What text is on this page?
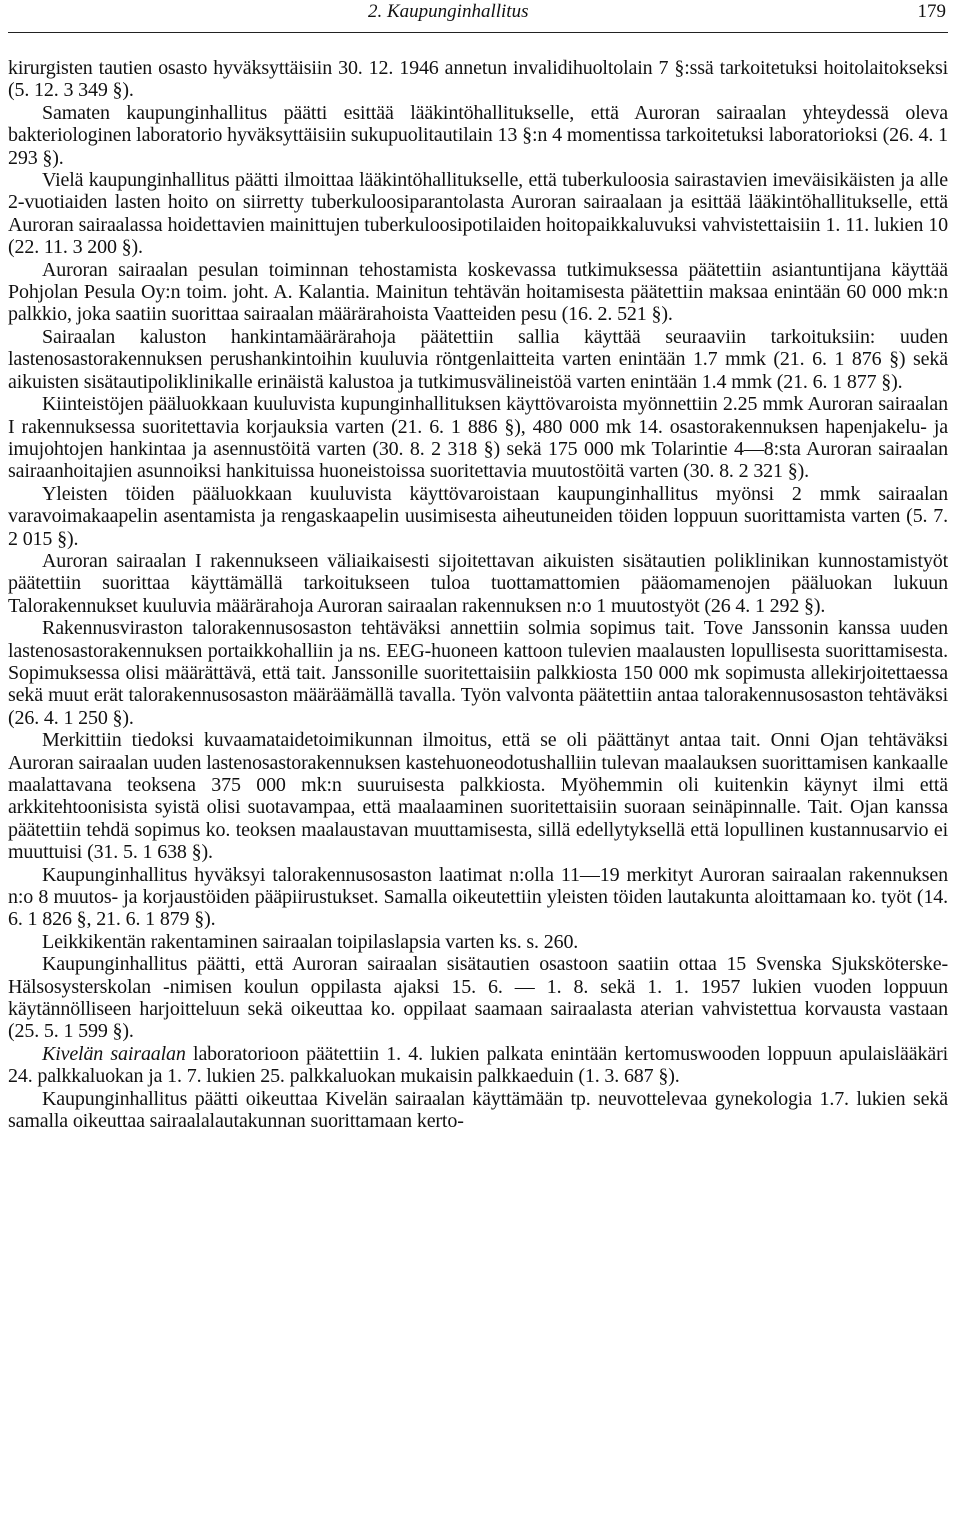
2. Kaupunginhallitus	179

kirurgisten tautien osasto hyväksyttäisiin 30. 12. 1946 annetun invalidihuoltolain 7 §:ssä tarkoitetuksi hoitolaitokseksi (5. 12. 3 349 §).

Samaten kaupunginhallitus päätti esittää lääkintöhallitukselle, että Auroran sairaalan yhteydessä oleva bakteriologinen laboratorio hyväksyttäisiin sukupuolitautilain 13 §:n 4 momentissa tarkoitetuksi laboratorioksi (26. 4. 1 293 §).

Vielä kaupunginhallitus päätti ilmoittaa lääkintöhallitukselle, että tuberkuloosia sairastavien imeväisikäisten ja alle 2-vuotiaiden lasten hoito on siirretty tuberkuloosiparantolasta Auroran sairaalaan ja esittää lääkintöhallitukselle, että Auroran sairaalassa hoidettavien mainittujen tuberkuloosipotilaiden hoitopaikkaluvuksi vahvistettaisiin 1. 11. lukien 10 (22. 11. 3 200 §).

Auroran sairaalan pesulan toiminnan tehostamista koskevassa tutkimuksessa päätettiin asiantuntijana käyttää Pohjolan Pesula Oy:n toim. joht. A. Kalantia. Mainitun tehtävän hoitamisesta päätettiin maksaa enintään 60 000 mk:n palkkio, joka saatiin suorittaa sairaalan määrärahoista Vaatteiden pesu (16. 2. 521 §).

Sairaalan kaluston hankintamäärärahoja päätettiin sallia käyttää seuraaviin tarkoituksiin: uuden lastenosastorakennuksen perushankintoihin kuuluvia röntgenlaitteita varten enintään 1.7 mmk (21. 6. 1 876 §) sekä aikuisten sisätautipoliklinikalle erinäistä kalustoa ja tutkimusvälineistöä varten enintään 1.4 mmk (21. 6. 1 877 §).

Kiinteistöjen pääluokkaan kuuluvista kupunginhallituksen käyttövaroista myönnettiin 2.25 mmk Auroran sairaalan I rakennuksessa suoritettavia korjauksia varten (21. 6. 1 886 §), 480 000 mk 14. osastorakennuksen hapenjakelu- ja imujohtojen hankintaa ja asennustöitä varten (30. 8. 2 318 §) sekä 175 000 mk Tolarintie 4—8:sta Auroran sairaalan sairaanhoitajien asunnoiksi hankituissa huoneistoissa suoritettavia muutostöitä varten (30. 8. 2 321 §).

Yleisten töiden pääluokkaan kuuluvista käyttövaroistaan kaupunginhallitus myönsi 2 mmk sairaalan varavoimakaapelin asentamista ja rengaskaapelin uusimisesta aiheutuneiden töiden loppuun suorittamista varten (5. 7. 2 015 §).

Auroran sairaalan I rakennukseen väliaikaisesti sijoitettavan aikuisten sisätautien poliklinikan kunnostamistyöt päätettiin suorittaa käyttämällä tarkoitukseen tuloa tuottamattomien pääomamenojen pääluokan lukuun Talorakennukset kuuluvia määrärahoja Auroran sairaalan rakennuksen n:o 1 muutostyöt (26 4. 1 292 §).

Rakennusviraston talorakennusosaston tehtäväksi annettiin solmia sopimus tait. Tove Janssonin kanssa uuden lastenosastorakennuksen portaikkohalliin ja ns. EEG-huoneen kattoon tulevien maalausten lopullisesta suorittamisesta. Sopimuksessa olisi määrättävä, että tait. Janssonille suoritettaisiin palkkiosta 150 000 mk sopimusta allekirjoitettaessa sekä muut erät talorakennusosaston määräämällä tavalla. Työn valvonta päätettiin antaa talorakennusosaston tehtäväksi (26. 4. 1 250 §).

Merkittiin tiedoksi kuvaamataidetoimikunnan ilmoitus, että se oli päättänyt antaa tait. Onni Ojan tehtäväksi Auroran sairaalan uuden lastenosastorakennuksen kastehuoneodotushalliin tulevan maalauksen suorittamisen kankaalle maalattavana teoksena 375 000 mk:n suuruisesta palkkiosta. Myöhemmin oli kuitenkin käynyt ilmi että arkkitehtoonisista syistä olisi suotavampaa, että maalaaminen suoritettaisiin suoraan seinäpinnalle. Tait. Ojan kanssa päätettiin tehdä sopimus ko. teoksen maalaustavan muuttamisesta, sillä edellytyksellä että lopullinen kustannusarvio ei muuttuisi (31. 5. 1 638 §).

Kaupunginhallitus hyväksyi talorakennusosaston laatimat n:olla 11—19 merkityt Auroran sairaalan rakennuksen n:o 8 muutos- ja korjaustöiden pääpiirustukset. Samalla oikeutettiin yleisten töiden lautakunta aloittamaan ko. työt (14. 6. 1 826 §, 21. 6. 1 879 §).

Leikkikentän rakentaminen sairaalan toipilaslapsia varten ks. s. 260.

Kaupunginhallitus päätti, että Auroran sairaalan sisätautien osastoon saatiin ottaa 15 Svenska Sjuksköterske-Hälsosysterskolan -nimisen koulun oppilasta ajaksi 15. 6. — 1. 8. sekä 1. 1. 1957 lukien vuoden loppuun käytännölliseen harjoitteluun sekä oikeuttaa ko. oppilaat saamaan sairaalasta aterian vahvistettua korvausta vastaan (25. 5. 1 599 §).

Kivelän sairaalan laboratorioon päätettiin 1. 4. lukien palkata enintään kertomuswooden loppuun apulaislääkäri 24. palkkaluokan ja 1. 7. lukien 25. palkkaluokan mukaisin palkkaeduin (1. 3. 687 §).

Kaupunginhallitus päätti oikeuttaa Kivelän sairaalan käyttämään tp. neuvottelevaa gynekologia 1.7. lukien sekä samalla oikeuttaa sairaalalautakunnan suorittamaan kerto-
